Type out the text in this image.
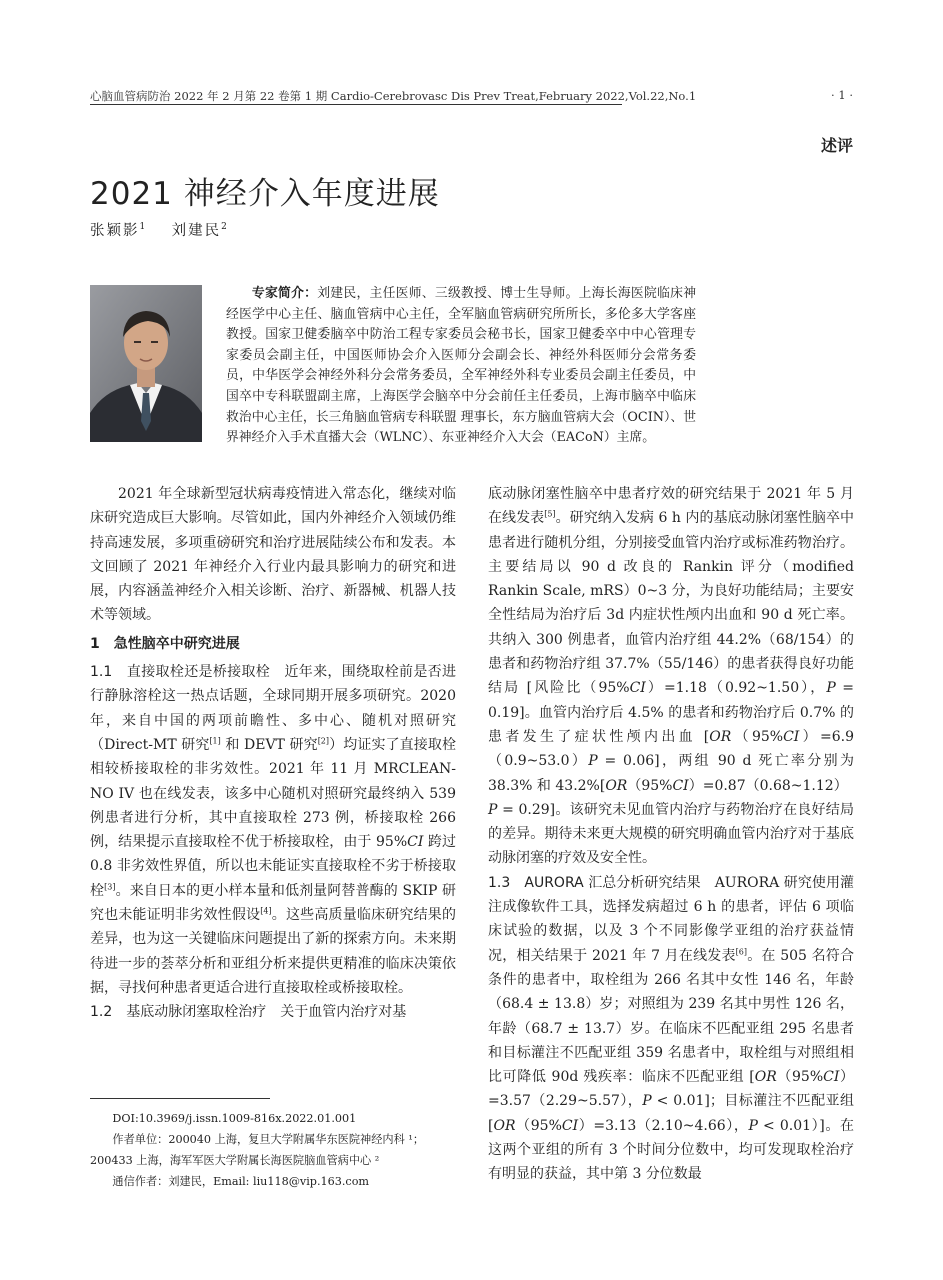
心脑血管病防治 2022 年 2 月第 22 卷第 1 期 Cardio-Cerebrovasc Dis Prev Treat,February 2022,Vol.22,No.1	· 1 ·
述评
2021 神经介入年度进展
张颖影$^1$ 刘建民$^2$
专家简介：刘建民，主任医师、三级教授、博士生导师。上海长海医院临床神经医学中心主任、脑血管病中心主任，全军脑血管病研究所所长，多伦多大学客座教授。国家卫健委脑卒中防治工程专家委员会秘书长，国家卫健委卒中中心管理专家委员会副主任，中国医师协会介入医师分会副会长、神经外科医师分会常务委员，中华医学会神经外科分会常务委员，全军神经外科专业委员会副主任委员，中国卒中专科联盟副主席，上海医学会脑卒中分会前任主任委员，上海市脑卒中临床救治中心主任，长三角脑血管病专科联盟 理事长，东方脑血管病大会（OCIN）、世界神经介入手术直播大会（WLNC）、东亚神经介入大会（EACoN）主席。

2021 年全球新型冠状病毒疫情进入常态化，继续对临床研究造成巨大影响。尽管如此，国内外神经介入领域仍维持高速发展，多项重磅研究和治疗进展陆续公布和发表。本文回顾了 2021 年神经介入行业内最具影响力的研究和进展，内容涵盖神经介入相关诊断、治疗、新器械、机器人技术等领域。

1　急性脑卒中研究进展

1.1　直接取栓还是桥接取栓　近年来，围绕取栓前是否进行静脉溶栓这一热点话题，全球同期开展多项研究。2020 年，来自中国的两项前瞻性、多中心、随机对照研究（Direct-MT 研究[1] 和 DEVT 研究[2]）均证实了直接取栓相较桥接取栓的非劣效性。2021 年 11 月 MRCLEAN-NO IV 也在线发表，该多中心随机对照研究最终纳入 539 例患者进行分析，其中直接取栓 273 例，桥接取栓 266 例，结果提示直接取栓不优于桥接取栓，由于 95%CI 跨过 0.8 非劣效性界值，所以也未能证实直接取栓不劣于桥接取栓[3]。来自日本的更小样本量和低剂量阿替普酶的 SKIP 研究也未能证明非劣效性假设[4]。这些高质量临床研究结果的差异，也为这一关键临床问题提出了新的探索方向。未来期待进一步的荟萃分析和亚组分析来提供更精准的临床决策依据，寻找何种患者更适合进行直接取栓或桥接取栓。

1.2　基底动脉闭塞取栓治疗　关于血管内治疗对基

底动脉闭塞性脑卒中患者疗效的研究结果于 2021 年 5 月在线发表[5]。研究纳入发病 6 h 内的基底动脉闭塞性脑卒中患者进行随机分组，分别接受血管内治疗或标准药物治疗。主要结局以 90 d 改良的 Rankin 评分（modified Rankin Scale, mRS）0~3 分，为良好功能结局；主要安全性结局为治疗后 3d 内症状性颅内出血和 90 d 死亡率。共纳入 300 例患者，血管内治疗组 44.2%（68/154）的患者和药物治疗组 37.7%（55/146）的患者获得良好功能结局 [风险比（95%CI）=1.18（0.92~1.50），P = 0.19]。血管内治疗后 4.5% 的患者和药物治疗后 0.7% 的患者发生了症状性颅内出血 [OR（95%CI）=6.9（0.9~53.0）P = 0.06]，两组 90 d 死亡率分别为 38.3% 和 43.2%[OR（95%CI）=0.87（0.68~1.12）
P = 0.29]。该研究未见血管内治疗与药物治疗在良好结局的差异。期待未来更大规模的研究明确血管内治疗对于基底动脉闭塞的疗效及安全性。

1.3　AURORA 汇总分析研究结果　AURORA 研究使用灌注成像软件工具，选择发病超过 6 h 的患者，评估 6 项临床试验的数据，以及 3 个不同影像学亚组的治疗获益情况，相关结果于 2021 年 7 月在线发表[6]。在 505 名符合条件的患者中，取栓组为 266 名其中女性 146 名，年龄（68.4 ± 13.8）岁；对照组为 239 名其中男性 126 名，年龄（68.7 ± 13.7）岁。在临床不匹配亚组 295 名患者和目标灌注不匹配亚组 359 名患者中，取栓组与对照组相比可降低 90d 残疾率：临床不匹配亚组 [OR（95%CI）=3.57（2.29~5.57），P < 0.01]；目标灌注不匹配亚组 [OR（95%CI）=3.13（2.10~4.66），P < 0.01）]。在这两个亚组的所有 3 个时间分位数中，均可发现取栓治疗有明显的获益，其中第 3 分位数最

DOI:10.3969/j.issn.1009-816x.2022.01.001

作者单位：200040 上海，复旦大学附属华东医院神经内科 ¹；200433 上海，海军军医大学附属长海医院脑血管病中心 ²

通信作者：刘建民，Email: liu118@vip.163.com
